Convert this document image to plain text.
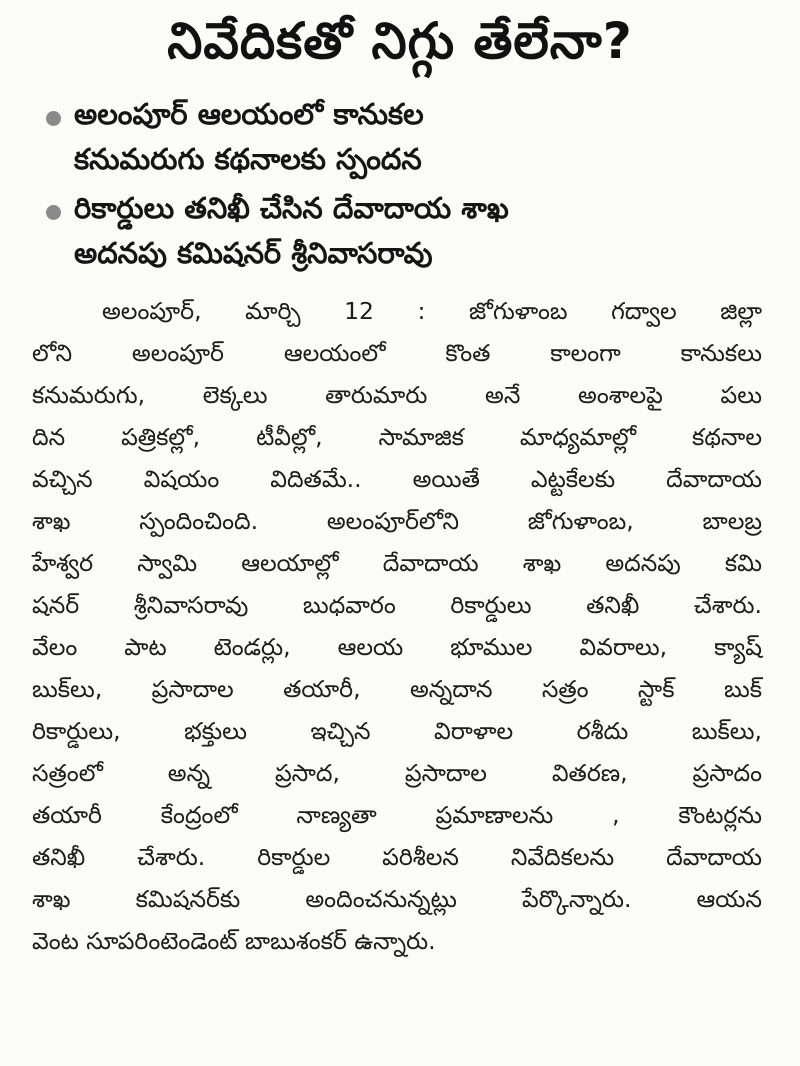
నివేదికతో నిగ్గు తేలేనా?
అలంపూర్ ఆలయంలో కానుకల
కనుమరుగు కథనాలకు స్పందన
రికార్డులు తనిఖీ చేసిన దేవాదాయ శాఖ
అదనపు కమిషనర్ శ్రీనివాసరావు
అలంపూర్, మార్చి 12 : జోగుళాంబ గద్వాల జిల్లా
లోని అలంపూర్ ఆలయంలో కొంత కాలంగా కానుకలు
కనుమరుగు, లెక్కలు తారుమారు అనే అంశాలపై పలు
దిన పత్రికల్లో, టీవీల్లో, సామాజిక మాధ్యమాల్లో కథనాల
వచ్చిన విషయం విదితమే.. అయితే ఎట్టకేలకు దేవాదాయ
శాఖ స్పందించింది. అలంపూర్‌లోని జోగుళాంబ, బాలబ్ర
హేశ్వర స్వామి ఆలయాల్లో దేవాదాయ శాఖ అదనపు కమి
షనర్ శ్రీనివాసరావు బుధవారం రికార్డులు తనిఖీ చేశారు.
వేలం పాట టెండర్లు, ఆలయ భూముల వివరాలు, క్యాష్
బుక్‌లు, ప్రసాదాల తయారీ, అన్నదాన సత్రం స్టాక్ బుక్
రికార్డులు, భక్తులు ఇచ్చిన విరాళాల రశీదు బుక్‌లు,
సత్రంలో అన్న ప్రసాద, ప్రసాదాల వితరణ, ప్రసాదం
తయారీ కేంద్రంలో నాణ్యతా ప్రమాణాలను , కౌంటర్లను
తనిఖీ చేశారు. రికార్డుల పరిశీలన నివేదికలను దేవాదాయ
శాఖ కమిషనర్‌కు అందించనున్నట్లు పేర్కొన్నారు. ఆయన
వెంట సూపరింటెండెంట్ బాబుశంకర్ ఉన్నారు.
